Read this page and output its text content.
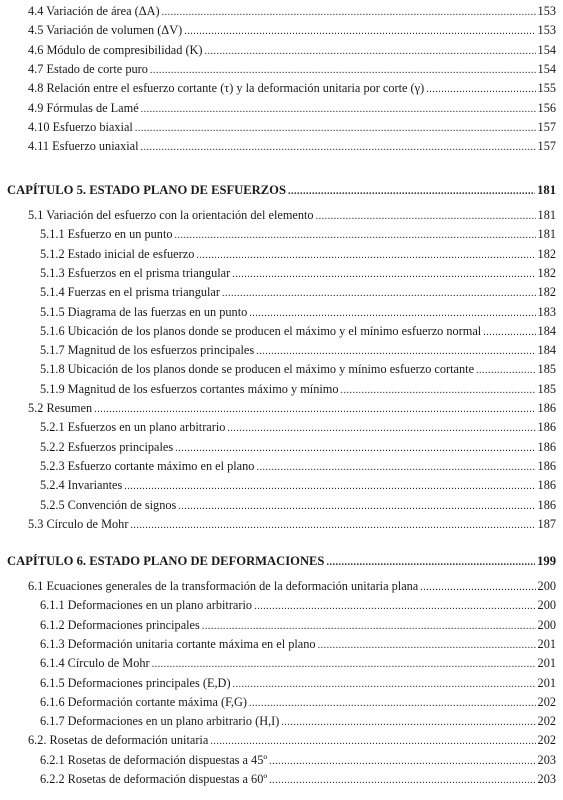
4.4 Variación de área (ΔA) .....	153
4.5 Variación de volumen (ΔV) .....	153
4.6 Módulo de compresibilidad (K) .....	154
4.7 Estado de corte puro .....	154
4.8 Relación entre el esfuerzo cortante (τ) y la deformación unitaria por corte (γ) .....	155
4.9 Fórmulas de Lamé .....	156
4.10 Esfuerzo biaxial .....	157
4.11 Esfuerzo uniaxial .....	157
CAPÍTULO 5. ESTADO PLANO DE ESFUERZOS .....	181
5.1 Variación del esfuerzo con la orientación del elemento .....	181
5.1.1 Esfuerzo en un punto .....	181
5.1.2 Estado inicial de esfuerzo .....	182
5.1.3 Esfuerzos en el prisma triangular .....	182
5.1.4 Fuerzas en el prisma triangular .....	182
5.1.5 Diagrama de las fuerzas en un punto .....	183
5.1.6 Ubicación de los planos donde se producen el máximo y el mínimo esfuerzo normal .....	184
5.1.7 Magnitud de los esfuerzos principales .....	184
5.1.8 Ubicación de los planos donde se producen el máximo y mínimo esfuerzo cortante .....	185
5.1.9 Magnitud de los esfuerzos cortantes máximo y mínimo .....	185
5.2 Resumen .....	186
5.2.1 Esfuerzos en un plano arbitrario .....	186
5.2.2 Esfuerzos principales .....	186
5.2.3 Esfuerzo cortante máximo en el plano .....	186
5.2.4 Invariantes .....	186
5.2.5 Convención de signos .....	186
5.3 Círculo de Mohr .....	187
CAPÍTULO 6. ESTADO PLANO DE DEFORMACIONES .....	199
6.1 Ecuaciones generales de la transformación de la deformación unitaria plana .....	200
6.1.1 Deformaciones en un plano arbitrario .....	200
6.1.2 Deformaciones principales .....	200
6.1.3 Deformación unitaria cortante máxima en el plano .....	201
6.1.4 Círculo de Mohr .....	201
6.1.5 Deformaciones principales (E,D) .....	201
6.1.6 Deformación cortante máxima (F,G) .....	202
6.1.7 Deformaciones en un plano arbitrario (H,I) .....	202
6.2. Rosetas de deformación unitaria .....	202
6.2.1 Rosetas de deformación dispuestas a 45º .....	203
6.2.2 Rosetas de deformación dispuestas a 60º .....	203
